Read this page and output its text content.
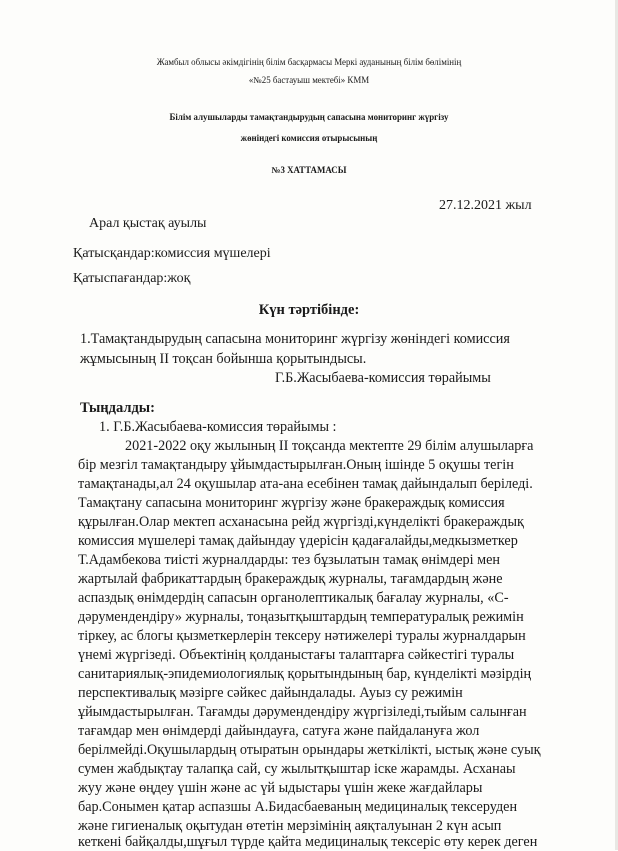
Жамбыл облысы әкімдігінің білім басқармасы Меркі ауданының білім бөлімінің
«№25 бастауыш мектебі» КММ
Білім алушыларды тамақтандырудың сапасына мониторинг жүргізу
жөніндегі комиссия отырысының
№3 ХАТТАМАСЫ
27.12.2021 жыл
Арал қыстақ ауылы
Қатысқандар:комиссия мүшелері
Қатыспағандар:жоқ
Күн тәртібінде:
1.Тамақтандырудың сапасына мониторинг жүргізу жөніндегі комиссия
жұмысының ІІ тоқсан бойынша қорытындысы.
Г.Б.Жасыбаева-комиссия төрайымы
Тыңдалды:
1. Г.Б.Жасыбаева-комиссия төрайымы :
2021-2022 оқу жылының ІІ тоқсанда мектепте 29 білім алушыларға
бір мезгіл тамақтандыру ұйымдастырылған.Оның ішінде 5 оқушы тегін
тамақтанады,ал 24 оқушылар ата-ана есебінен тамақ дайындалып беріледі.
Тамақтану сапасына мониторинг жүргізу және бракераждық комиссия
құрылған.Олар мектеп асханасына рейд жүргізді,күнделікті бракераждық
комиссия мүшелері тамақ дайындау үдерісін қадағалайды,медкызметкер
Т.Адамбекова тиісті журналдарды: тез бұзылатын тамақ өнімдері мен
жартылай фабрикаттардың бракераждық журналы, тағамдардың және
аспаздық өнімдердің сапасын органолептикалық бағалау журналы, «С-
дәрумендендіру» журналы, тоңазытқыштардың температуралық режимін
тіркеу, ас блогы қызметкерлерін тексеру нәтижелері туралы журналдарын
үнемі жүргізеді. Объектінің қолданыстағы талаптарға сәйкестігі туралы
санитариялық-эпидемиологиялық қорытындының бар, күнделікті мәзірдің
перспективалық мәзірге сәйкес дайындалады. Ауыз су режимін
ұйымдастырылған. Тағамды дәрумендендіру жүргізіледі,тыйым салынған
тағамдар мен өнімдерді дайындауға, сатуға және пайдалануға жол
берілмейді.Оқушылардың отыратын орындары жеткілікті, ыстық және суық
сумен жабдықтау талапқа сай, су жылытқыштар іске жарамды. Асханаы
жуу және өңдеу үшін және ас үй ыдыстары үшін жеке жағдайлары
бар.Сонымен қатар аспазшы А.Бидасбаеваның медициналық тексеруден
және гигиеналық оқытудан өтетін мерзімінің аяқталуынан 2 күн асып
кеткені байқалды,шұғыл түрде қайта медициналық тексеріс өту керек деген
